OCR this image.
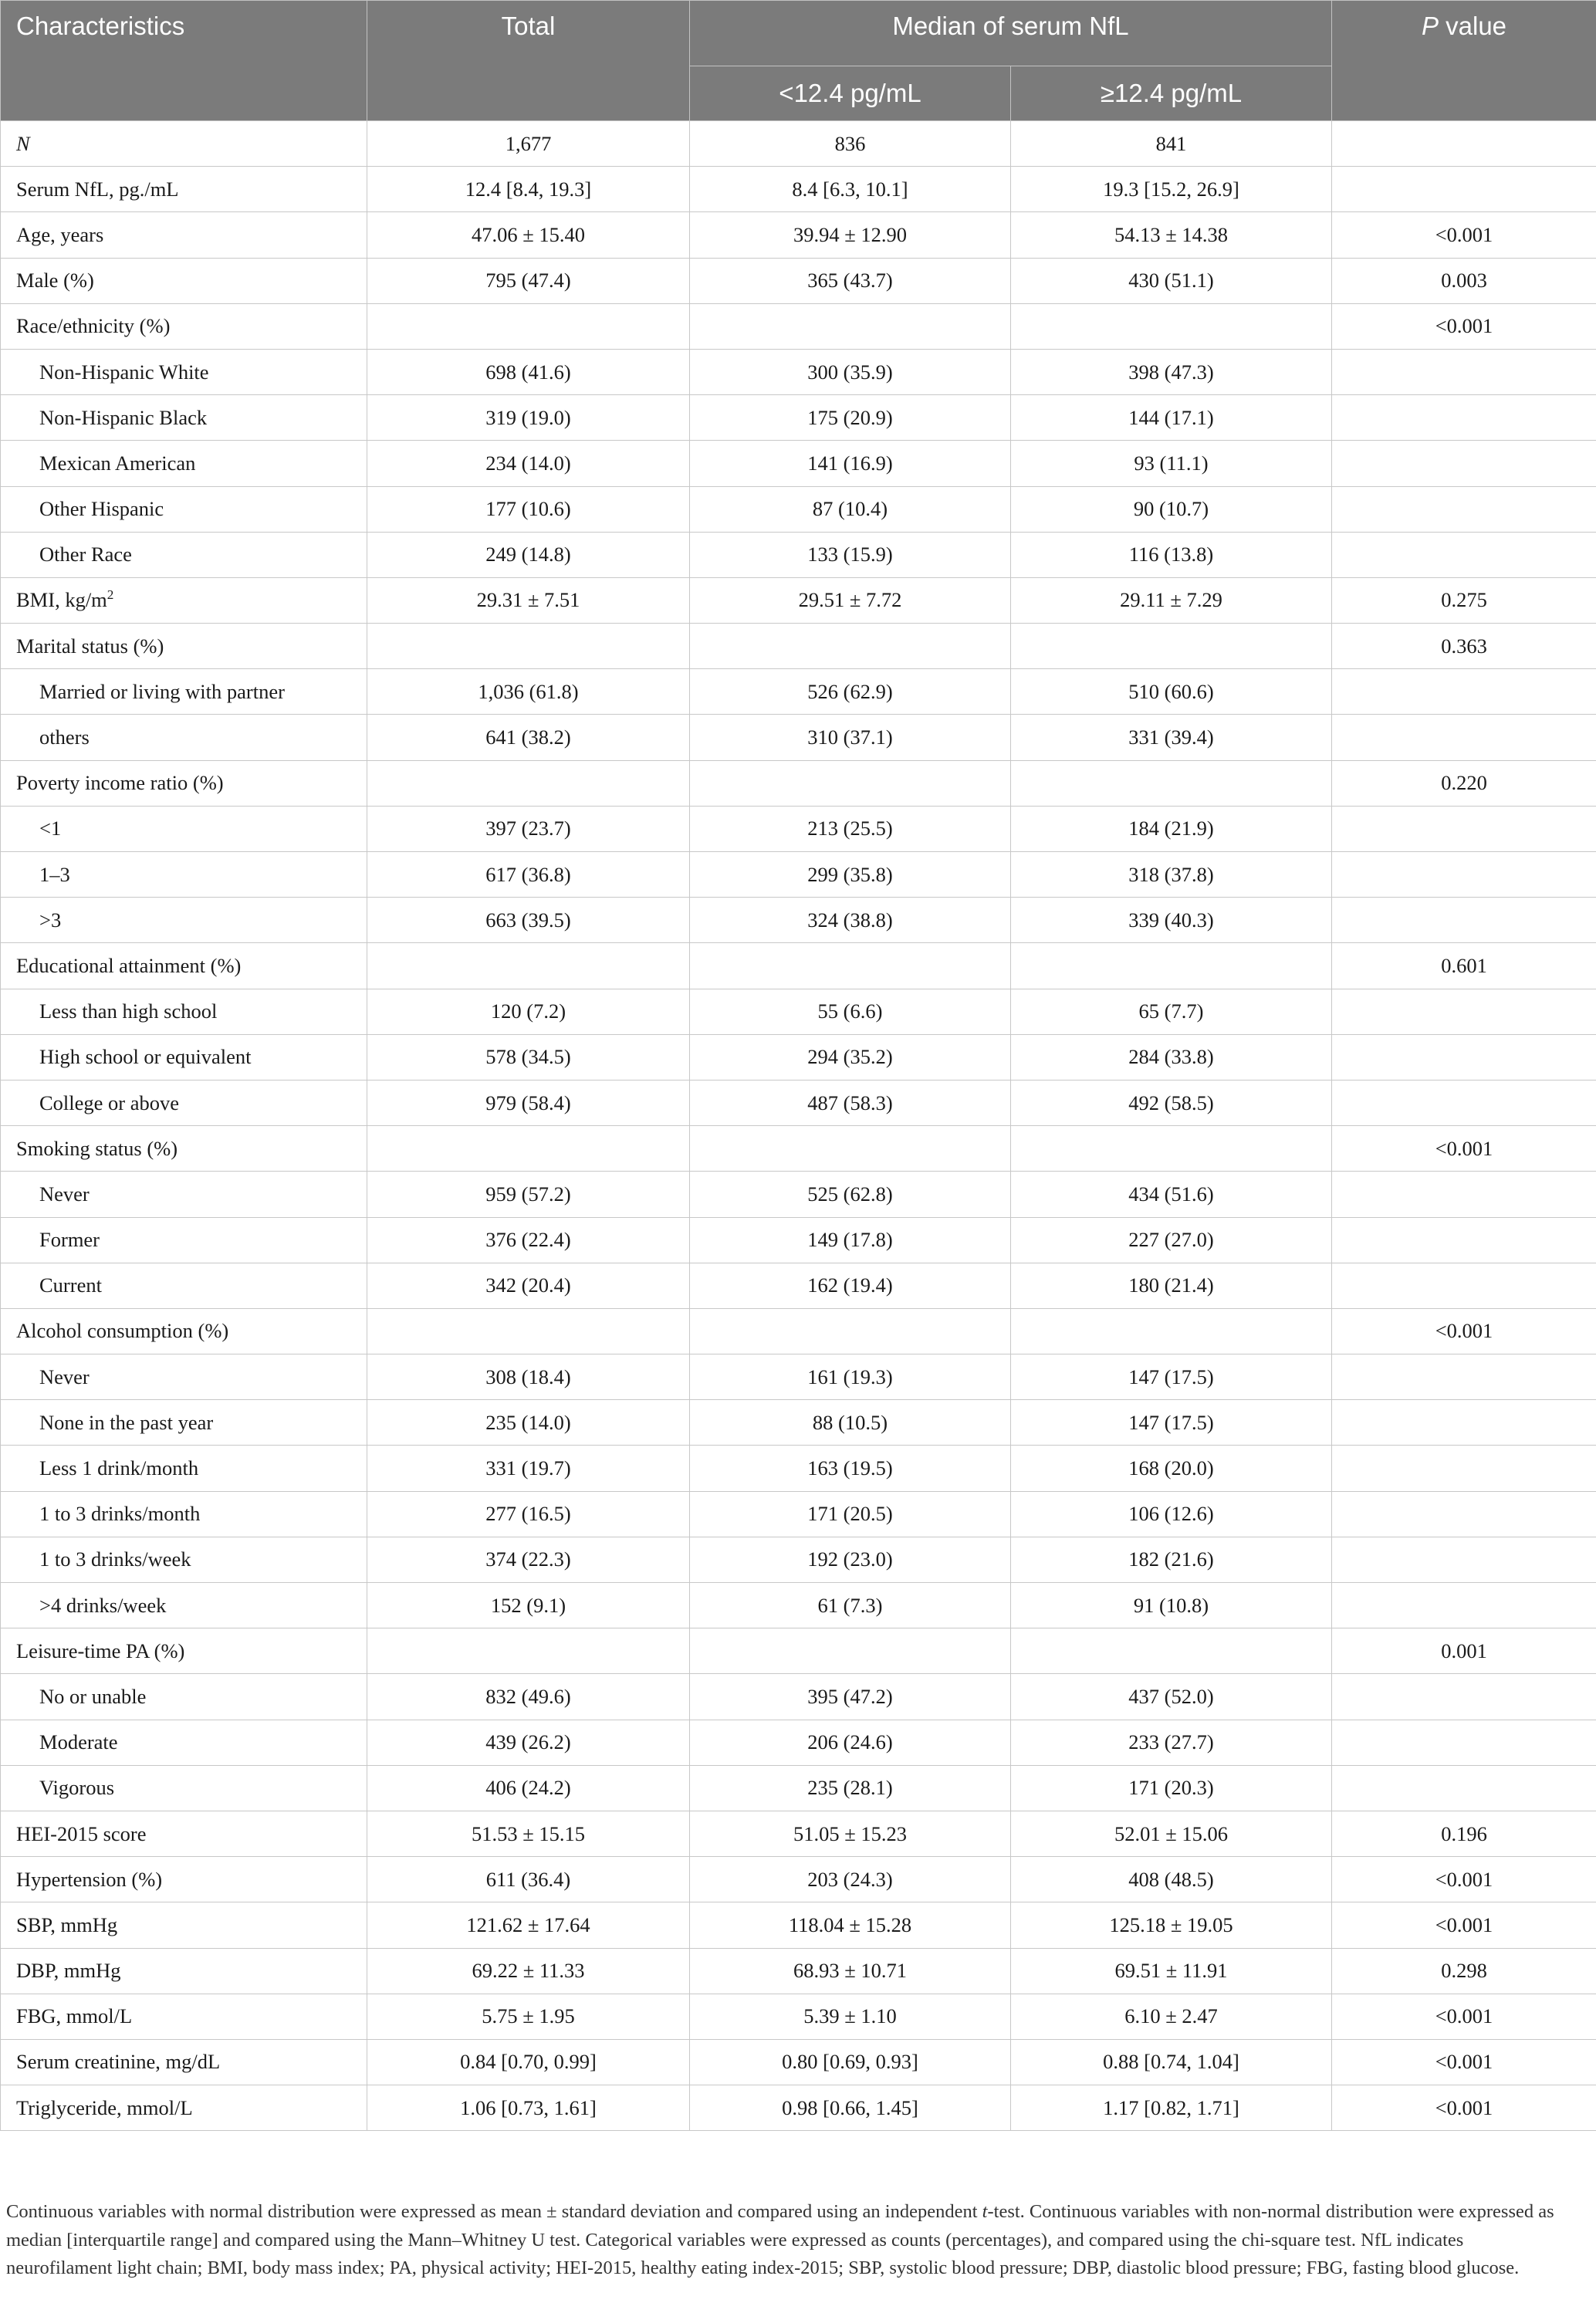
Characteristics	Total	Median of serum NfL		P value
		<12.4 pg/mL	≥12.4 pg/mL	
N	1,677	836	841	
Serum NfL, pg./mL	12.4 [8.4, 19.3]	8.4 [6.3, 10.1]	19.3 [15.2, 26.9]	
Age, years	47.06 ± 15.40	39.94 ± 12.90	54.13 ± 14.38	<0.001
Male (%)	795 (47.4)	365 (43.7)	430 (51.1)	0.003
Race/ethnicity (%)				<0.001
Non-Hispanic White	698 (41.6)	300 (35.9)	398 (47.3)	
Non-Hispanic Black	319 (19.0)	175 (20.9)	144 (17.1)	
Mexican American	234 (14.0)	141 (16.9)	93 (11.1)	
Other Hispanic	177 (10.6)	87 (10.4)	90 (10.7)	
Other Race	249 (14.8)	133 (15.9)	116 (13.8)	
BMI, $kg/m^2$	29.31 ± 7.51	29.51 ± 7.72	29.11 ± 7.29	0.275
Marital status (%)				0.363
Married or living with partner	1,036 (61.8)	526 (62.9)	510 (60.6)	
others	641 (38.2)	310 (37.1)	331 (39.4)	
Poverty income ratio (%)				0.220
<1	397 (23.7)	213 (25.5)	184 (21.9)	
1–3	617 (36.8)	299 (35.8)	318 (37.8)	
>3	663 (39.5)	324 (38.8)	339 (40.3)	
Educational attainment (%)				0.601
Less than high school	120 (7.2)	55 (6.6)	65 (7.7)	
High school or equivalent	578 (34.5)	294 (35.2)	284 (33.8)	
College or above	979 (58.4)	487 (58.3)	492 (58.5)	
Smoking status (%)				<0.001
Never	959 (57.2)	525 (62.8)	434 (51.6)	
Former	376 (22.4)	149 (17.8)	227 (27.0)	
Current	342 (20.4)	162 (19.4)	180 (21.4)	
Alcohol consumption (%)				<0.001
Never	308 (18.4)	161 (19.3)	147 (17.5)	
None in the past year	235 (14.0)	88 (10.5)	147 (17.5)	
Less 1 drink/month	331 (19.7)	163 (19.5)	168 (20.0)	
1 to 3 drinks/month	277 (16.5)	171 (20.5)	106 (12.6)	
1 to 3 drinks/week	374 (22.3)	192 (23.0)	182 (21.6)	
>4 drinks/week	152 (9.1)	61 (7.3)	91 (10.8)	
Leisure-time PA (%)				0.001
No or unable	832 (49.6)	395 (47.2)	437 (52.0)	
Moderate	439 (26.2)	206 (24.6)	233 (27.7)	
Vigorous	406 (24.2)	235 (28.1)	171 (20.3)	
HEI-2015 score	51.53 ± 15.15	51.05 ± 15.23	52.01 ± 15.06	0.196
Hypertension (%)	611 (36.4)	203 (24.3)	408 (48.5)	<0.001
SBP, mmHg	121.62 ± 17.64	118.04 ± 15.28	125.18 ± 19.05	<0.001
DBP, mmHg	69.22 ± 11.33	68.93 ± 10.71	69.51 ± 11.91	0.298
FBG, mmol/L	5.75 ± 1.95	5.39 ± 1.10	6.10 ± 2.47	<0.001
Serum creatinine, mg/dL	0.84 [0.70, 0.99]	0.80 [0.69, 0.93]	0.88 [0.74, 1.04]	<0.001
Triglyceride, mmol/L	1.06 [0.73, 1.61]	0.98 [0.66, 1.45]	1.17 [0.82, 1.71]	<0.001
Continuous variables with normal distribution were expressed as mean ± standard deviation and compared using an independent t-test. Continuous variables with non-normal distribution were expressed as median [interquartile range] and compared using the Mann–Whitney U test. Categorical variables were expressed as counts (percentages), and compared using the chi-square test. NfL indicates neurofilament light chain; BMI, body mass index; PA, physical activity; HEI-2015, healthy eating index-2015; SBP, systolic blood pressure; DBP, diastolic blood pressure; FBG, fasting blood glucose.
